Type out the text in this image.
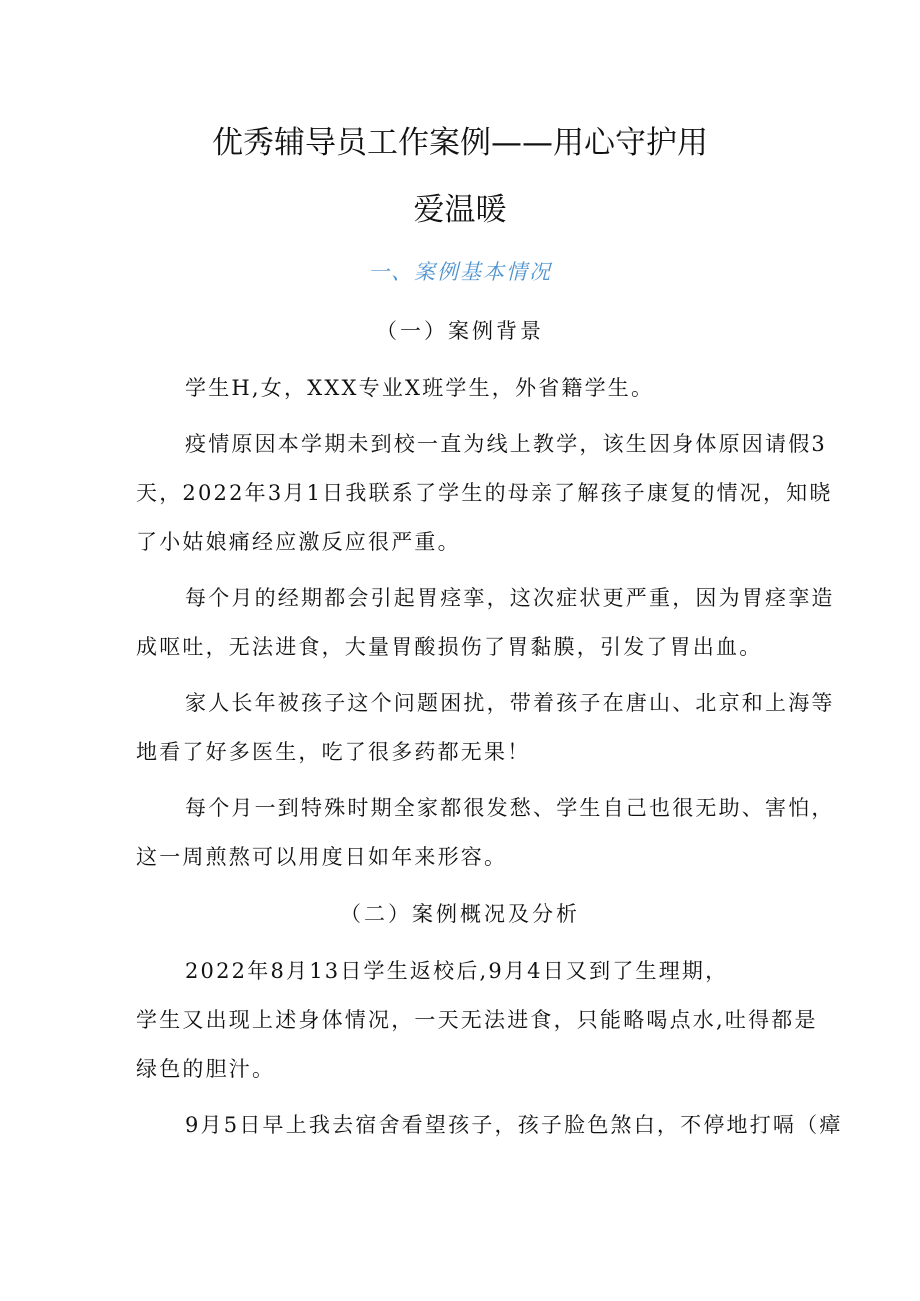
优秀辅导员工作案例——用心守护用
爱温暖
一、案例基本情况
（一）案例背景
学生H,女，XXX专业X班学生，外省籍学生。
疫情原因本学期未到校一直为线上教学，该生因身体原因请假3
天，2022年3月1日我联系了学生的母亲了解孩子康复的情况，知晓
了小姑娘痛经应激反应很严重。
每个月的经期都会引起胃痉挛，这次症状更严重，因为胃痉挛造
成呕吐，无法进食，大量胃酸损伤了胃黏膜，引发了胃出血。
家人长年被孩子这个问题困扰，带着孩子在唐山、北京和上海等
地看了好多医生，吃了很多药都无果！
每个月一到特殊时期全家都很发愁、学生自己也很无助、害怕，
这一周煎熬可以用度日如年来形容。
（二）案例概况及分析
2022年8月13日学生返校后,9月4日又到了生理期，
学生又出现上述身体情况，一天无法进食，只能略喝点水,吐得都是
绿色的胆汁。
9月5日早上我去宿舍看望孩子，孩子脸色煞白，不停地打嗝（瘴
